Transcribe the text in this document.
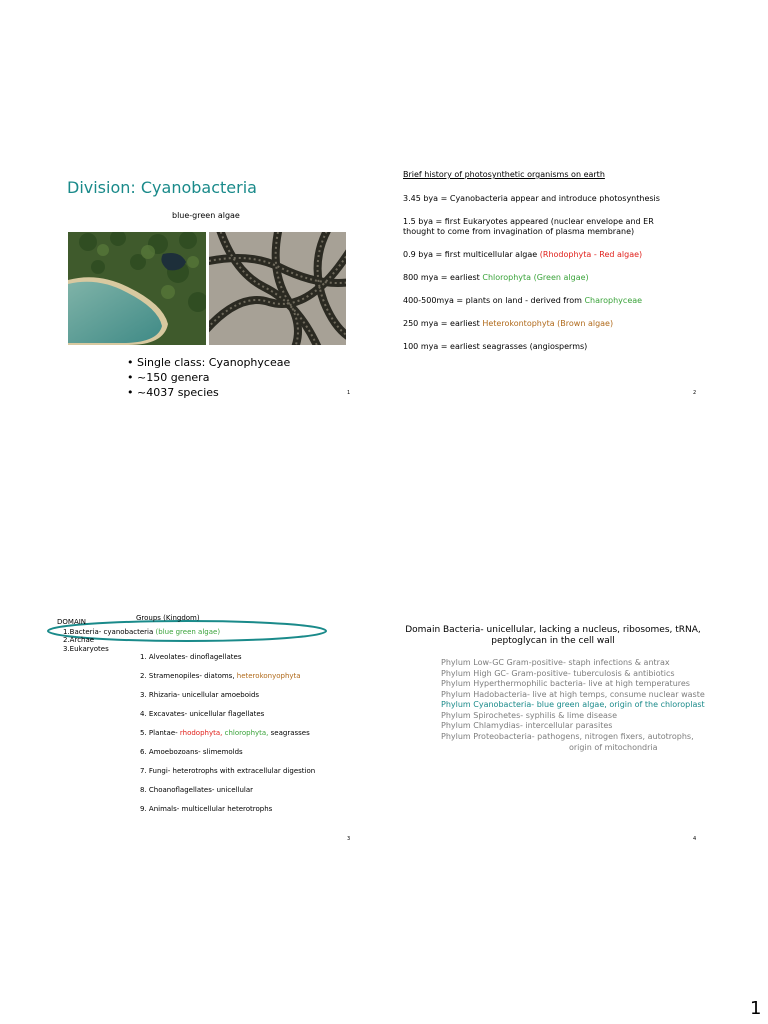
Division: Cyanobacteria
blue-green algae
• Single class: Cyanophyceae
• ~150 genera
• ~4037 species	1
Brief history of photosynthetic organisms on earth
3.45 bya = Cyanobacteria appear and introduce photosynthesis
1.5 bya = first Eukaryotes appeared (nuclear envelope and ER
thought to come from invagination of plasma membrane)
0.9 bya = first multicellular algae (Rhodophyta - Red algae)
800 mya = earliest Chlorophyta (Green algae)
400-500mya = plants on land - derived from Charophyceae
250 mya = earliest Heterokontophyta (Brown algae)
100 mya = earliest seagrasses (angiosperms)
2
DOMAIN	Groups (Kingdom)
1.Bacteria- cyanobacteria (blue green algae)
2.Archae
3.Eukaryotes
1. Alveolates- dinoflagellates
2. Stramenopiles- diatoms, heterokonyophyta
3. Rhizaria- unicellular amoeboids
4. Excavates- unicellular flagellates
5. Plantae- rhodophyta, chlorophyta, seagrasses
6. Amoebozoans- slimemolds
7. Fungi- heterotrophs with extracellular digestion
8. Choanoflagellates- unicellular
9. Animals- multicellular heterotrophs
3
Domain Bacteria- unicellular, lacking a nucleus, ribosomes, tRNA,
peptoglycan in the cell wall
Phylum Low-GC Gram-positive- staph infections & antrax
Phylum High GC- Gram-positive- tuberculosis & antibiotics
Phylum Hyperthermophilic bacteria- live at high temperatures
Phylum Hadobacteria- live at high temps, consume nuclear waste
Phylum Cyanobacteria- blue green algae, origin of the chloroplast
Phylum Spirochetes- syphilis & lime disease
Phylum Chlamydias- intercellular parasites
Phylum Proteobacteria- pathogens, nitrogen fixers, autotrophs,
origin of mitochondria
4
1
